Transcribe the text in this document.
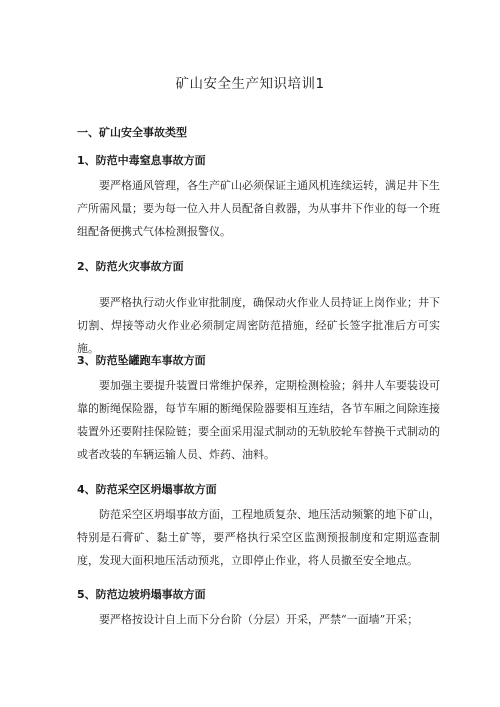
矿山安全生产知识培训1
一、矿山安全事故类型
1、防范中毒窒息事故方面

要严格通风管理，各生产矿山必须保证主通风机连续运转，满足井下生产所需风量；要为每一位入井人员配备自救器，为从事井下作业的每一个班组配备便携式气体检测报警仪。

2、防范火灾事故方面

要严格执行动火作业审批制度，确保动火作业人员持证上岗作业；井下切割、焊接等动火作业必须制定周密防范措施，经矿长签字批准后方可实施。

3、防范坠罐跑车事故方面

要加强主要提升装置日常维护保养，定期检测检验；斜井人车要装设可靠的断绳保险器，每节车厢的断绳保险器要相互连结，各节车厢之间除连接装置外还要附挂保险链；要全面采用湿式制动的无轨胶轮车替换干式制动的或者改装的车辆运输人员、炸药、油料。

4、防范采空区坍塌事故方面

防范采空区坍塌事故方面，工程地质复杂、地压活动频繁的地下矿山，特别是石膏矿、黏土矿等，要严格执行采空区监测预报制度和定期巡查制度，发现大面积地压活动预兆，立即停止作业，将人员撤至安全地点。

5、防范边坡坍塌事故方面

要严格按设计自上而下分台阶（分层）开采，严禁“一面墙”开采；
